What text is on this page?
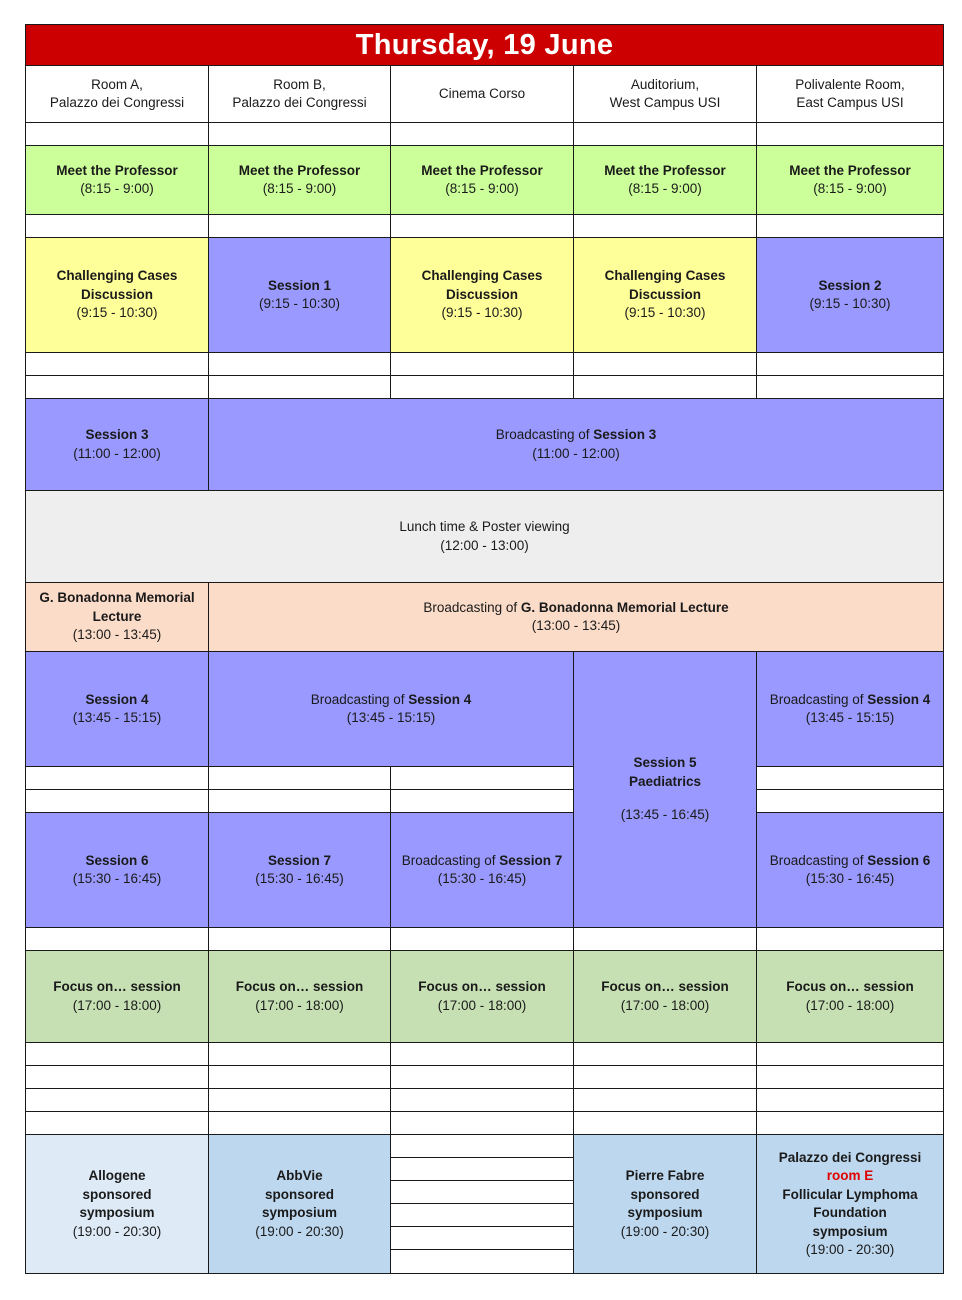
Thursday, 19 June
Room A,
Palazzo dei Congressi
Room B,
Palazzo dei Congressi
Cinema Corso
Auditorium,
West Campus USI
Polivalente Room,
East Campus USI
Meet the Professor
(8:15 - 9:00)
Meet the Professor
(8:15 - 9:00)
Meet the Professor
(8:15 - 9:00)
Meet the Professor
(8:15 - 9:00)
Meet the Professor
(8:15 - 9:00)
Challenging Cases
Discussion
(9:15 - 10:30)
Session 1
(9:15 - 10:30)
Challenging Cases
Discussion
(9:15 - 10:30)
Challenging Cases
Discussion
(9:15 - 10:30)
Session 2
(9:15 - 10:30)
Session 3
(11:00 - 12:00)
Broadcasting of Session 3
(11:00 - 12:00)
Lunch time & Poster viewing
(12:00 - 13:00)
G. Bonadonna Memorial
Lecture
(13:00 - 13:45)
Broadcasting of G. Bonadonna Memorial Lecture
(13:00 - 13:45)
Session 4
(13:45 - 15:15)
Broadcasting of Session 4
(13:45 - 15:15)
Session 5
Paediatrics
(13:45 - 16:45)
Broadcasting of Session 4
(13:45 - 15:15)
Session 6
(15:30 - 16:45)
Session 7
(15:30 - 16:45)
Broadcasting of Session 7
(15:30 - 16:45)
Broadcasting of Session 6
(15:30 - 16:45)
Focus on… session
(17:00 - 18:00)
Focus on… session
(17:00 - 18:00)
Focus on… session
(17:00 - 18:00)
Focus on… session
(17:00 - 18:00)
Focus on… session
(17:00 - 18:00)
Allogene
sponsored
symposium
(19:00 - 20:30)
AbbVie
sponsored
symposium
(19:00 - 20:30)
Pierre Fabre
sponsored
symposium
(19:00 - 20:30)
Palazzo dei Congressi
room E
Follicular Lymphoma
Foundation
symposium
(19:00 - 20:30)
